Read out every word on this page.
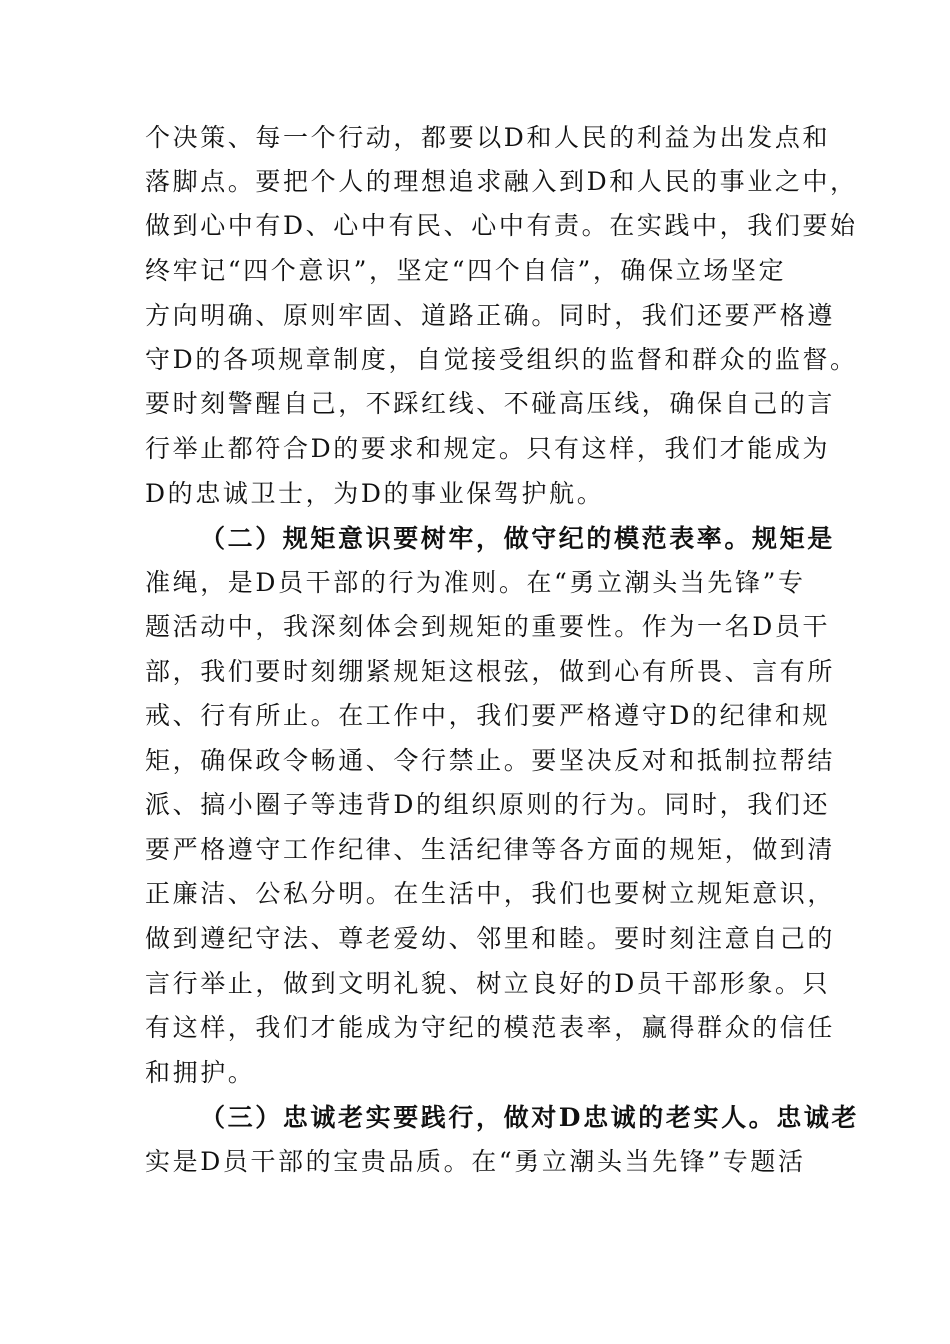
个决策、每一个行动，都要以D和人民的利益为出发点和
落脚点。要把个人的理想追求融入到D和人民的事业之中，
做到心中有D、心中有民、心中有责。在实践中，我们要始
终牢记“四个意识”，坚定“四个自信”，确保立场坚定
方向明确、原则牢固、道路正确。同时，我们还要严格遵
守D的各项规章制度，自觉接受组织的监督和群众的监督。
要时刻警醒自己，不踩红线、不碰高压线，确保自己的言
行举止都符合D的要求和规定。只有这样，我们才能成为
D的忠诚卫士，为D的事业保驾护航。
（二）规矩意识要树牢，做守纪的模范表率。规矩是
准绳，是D员干部的行为准则。在“勇立潮头当先锋”专
题活动中，我深刻体会到规矩的重要性。作为一名D员干
部，我们要时刻绷紧规矩这根弦，做到心有所畏、言有所
戒、行有所止。在工作中，我们要严格遵守D的纪律和规
矩，确保政令畅通、令行禁止。要坚决反对和抵制拉帮结
派、搞小圈子等违背D的组织原则的行为。同时，我们还
要严格遵守工作纪律、生活纪律等各方面的规矩，做到清
正廉洁、公私分明。在生活中，我们也要树立规矩意识，
做到遵纪守法、尊老爱幼、邻里和睦。要时刻注意自己的
言行举止，做到文明礼貌、树立良好的D员干部形象。只
有这样，我们才能成为守纪的模范表率，赢得群众的信任
和拥护。
（三）忠诚老实要践行，做对D忠诚的老实人。忠诚老
实是D员干部的宝贵品质。在“勇立潮头当先锋”专题活
